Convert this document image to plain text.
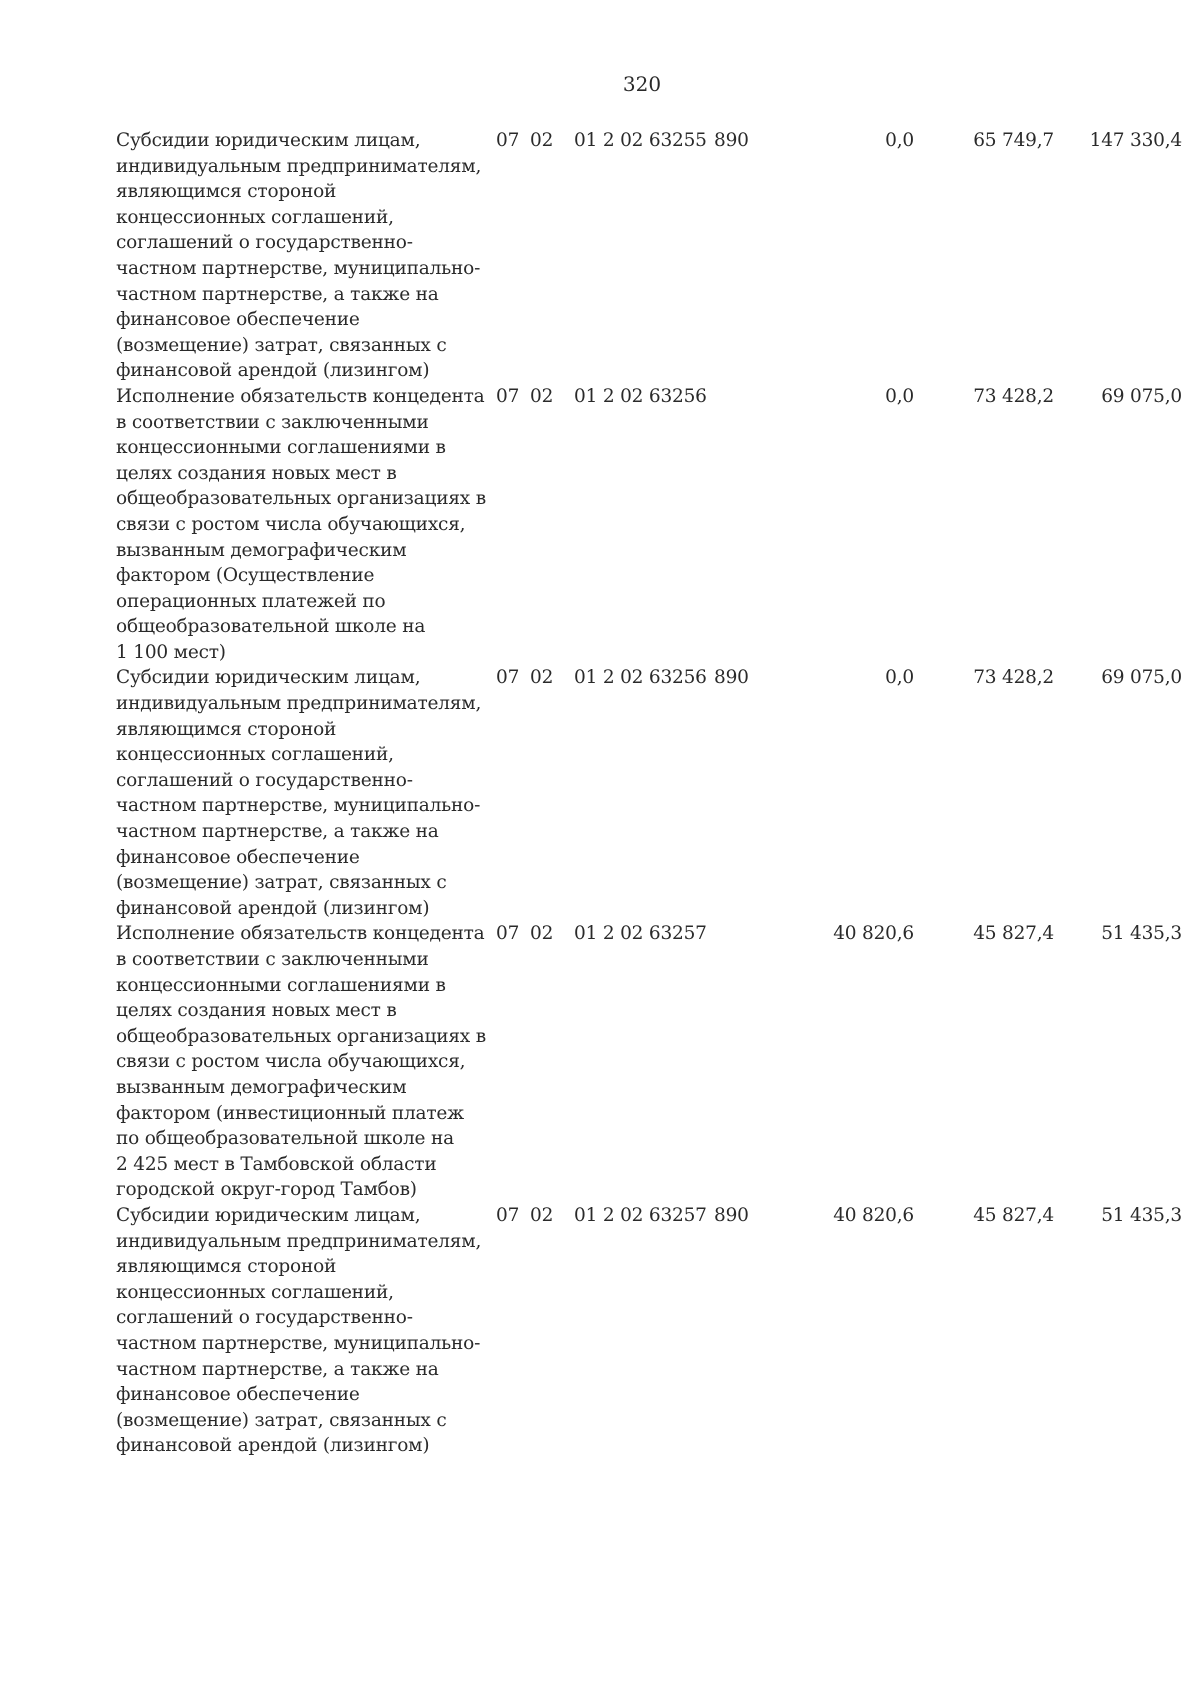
320
Субсидии юридическим лицам,
индивидуальным предпринимателям,
являющимся стороной
концессионных соглашений,
соглашений о государственно-
частном партнерстве, муниципально-
частном партнерстве, а также на
финансовое обеспечение
(возмещение) затрат, связанных с
финансовой арендой (лизингом)
07 02	01 2 02 63255 890	0,0	65 749,7	147 330,4
Исполнение обязательств концедента
в соответствии с заключенными
концессионными соглашениями в
целях создания новых мест в
общеобразовательных организациях в
связи с ростом числа обучающихся,
вызванным демографическим
фактором (Осуществление
операционных платежей по
общеобразовательной школе на
1 100 мест)
07 02	01 2 02 63256	0,0	73 428,2	69 075,0
Субсидии юридическим лицам,
индивидуальным предпринимателям,
являющимся стороной
концессионных соглашений,
соглашений о государственно-
частном партнерстве, муниципально-
частном партнерстве, а также на
финансовое обеспечение
(возмещение) затрат, связанных с
финансовой арендой (лизингом)
07 02	01 2 02 63256 890	0,0	73 428,2	69 075,0
Исполнение обязательств концедента
в соответствии с заключенными
концессионными соглашениями в
целях создания новых мест в
общеобразовательных организациях в
связи с ростом числа обучающихся,
вызванным демографическим
фактором (инвестиционный платеж
по общеобразовательной школе на
2 425 мест в Тамбовской области
городской округ-город Тамбов)
07 02	01 2 02 63257	40 820,6	45 827,4	51 435,3
Субсидии юридическим лицам,
индивидуальным предпринимателям,
являющимся стороной
концессионных соглашений,
соглашений о государственно-
частном партнерстве, муниципально-
частном партнерстве, а также на
финансовое обеспечение
(возмещение) затрат, связанных с
финансовой арендой (лизингом)
07 02	01 2 02 63257 890	40 820,6	45 827,4	51 435,3
